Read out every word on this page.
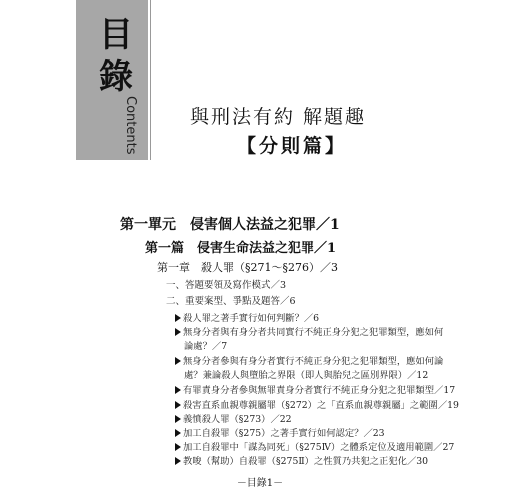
目
錄
Contents	與刑法有約 解題趣
【分則篇】
第一單元　侵害個人法益之犯罪／1
第一篇　侵害生命法益之犯罪／1
第一章　殺人罪（§271～§276）／3
一、答題要領及寫作模式／3
二、重要案型、爭點及題答／6
殺人罪之著手實行如何判斷？／6
無身分者與有身分者共同實行不純正身分犯之犯罪類型，應如何
論處？／7
無身分者參與有身分者實行不純正身分犯之犯罪類型，應如何論
處？兼論殺人與墮胎之界限（即人與胎兒之區別界限）／12
有罪責身分者參與無罪責身分者實行不純正身分犯之犯罪類型／17
殺害直系血親尊親屬罪（§272）之「直系血親尊親屬」之範圍／19
義憤殺人罪（§273）／22
加工自殺罪（§275）之著手實行如何認定？／23
加工自殺罪中「謀為同死」（§275Ⅳ）之體系定位及適用範圍／27
－目錄1－
教唆（幫助）自殺罪（§275Ⅱ）之性質乃共犯之正犯化／30
